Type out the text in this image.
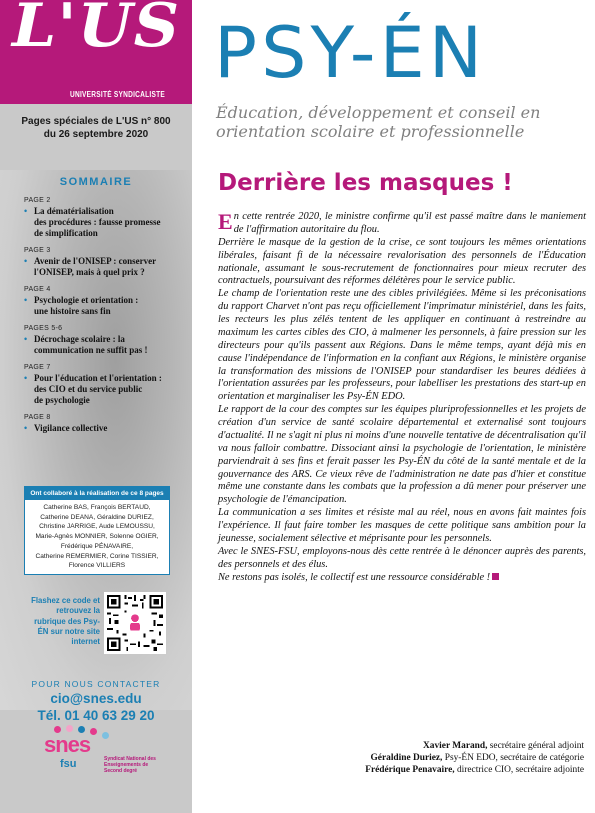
L'US
UNIVERSITÉ SYNDICALISTE
Pages spéciales de L'US n° 800
du 26 septembre 2020
SOMMAIRE
PAGE 2
• La dématérialisation
des procédures : fausse promesse
de simplification
PAGE 3
• Avenir de l'ONISEP : conserver
l'ONISEP, mais à quel prix ?
PAGE 4
• Psychologie et orientation :
une histoire sans fin
PAGES 5-6
• Décrochage scolaire : la
communication ne suffit pas !
PAGE 7
• Pour l'éducation et l'orientation :
des CIO et du service public
de psychologie
PAGE 8
• Vigilance collective
Ont collaboré à la réalisation de ce 8 pages
Catherine BAS, François BERTAUD,
Catherine DEANA, Géraldine DURIEZ,
Christine JARRIGE, Aude LEMOUSSU,
Marie-Agnès MONNIER, Solenne OGIER,
Frédérique PÉNAVAIRE,
Catherine REMERMIER, Corine TISSIER,
Florence VILLIERS
Flashez ce code et retrouvez la rubrique des Psy-ÉN sur notre site internet
POUR NOUS CONTACTER
cio@snes.edu
Tél. 01 40 63 29 20
snes
fsu	Syndicat National des Enseignements de Second degré
PSY-ÉN
Éducation, développement et conseil en orientation scolaire et professionnelle
Derrière les masques !

En cette rentrée 2020, le ministre confirme qu'il est passé maître dans le maniement de l'affirmation autoritaire du flou.

Derrière le masque de la gestion de la crise, ce sont toujours les mêmes orientations libérales, faisant fi de la nécessaire revalorisation des personnels de l'Éducation nationale, assumant le sous-recrutement de fonctionnaires pour mieux recruter des contractuels, poursuivant des réformes délétères pour le service public.

Le champ de l'orientation reste une des cibles privilégiées. Même si les préconisations du rapport Charvet n'ont pas reçu officiellement l'imprimatur ministériel, dans les faits, les recteurs les plus zélés tentent de les appliquer en continuant à restreindre au maximum les cartes cibles des CIO, à malmener les personnels, à faire pression sur les directeurs pour qu'ils passent aux Régions. Dans le même temps, ayant déjà mis en cause l'indépendance de l'information en la confiant aux Régions, le ministère organise la transformation des missions de l'ONISEP pour standardiser les beures dédiées à l'orientation assurées par les professeurs, pour labelliser les prestations des start-up en orientation et marginaliser les Psy-ÉN EDO.

Le rapport de la cour des comptes sur les équipes pluriprofessionnelles et les projets de création d'un service de santé scolaire départemental et externalisé sont toujours d'actualité. Il ne s'agit ni plus ni moins d'une nouvelle tentative de décentralisation qu'il va nous falloir combattre. Dissociant ainsi la psychologie de l'orientation, le ministère parviendrait à ses fins et ferait passer les Psy-ÉN du côté de la santé mentale et de la gouvernance des ARS. Ce vieux rêve de l'administration ne date pas d'hier et constitue même une constante dans les combats que la profession a dû mener pour préserver une psychologie de l'émancipation.

La communication a ses limites et résiste mal au réel, nous en avons fait maintes fois l'expérience. Il faut faire tomber les masques de cette politique sans ambition pour la jeunesse, socialement sélective et méprisante pour les personnels.

Avec le SNES-FSU, employons-nous dès cette rentrée à le dénoncer auprès des parents, des personnels et des élus.

Ne restons pas isolés, le collectif est une ressource considérable !

Xavier Marand, secrétaire général adjoint
Géraldine Duriez, Psy-ÉN EDO, secrétaire de catégorie
Frédérique Penavaire, directrice CIO, secrétaire adjointe
